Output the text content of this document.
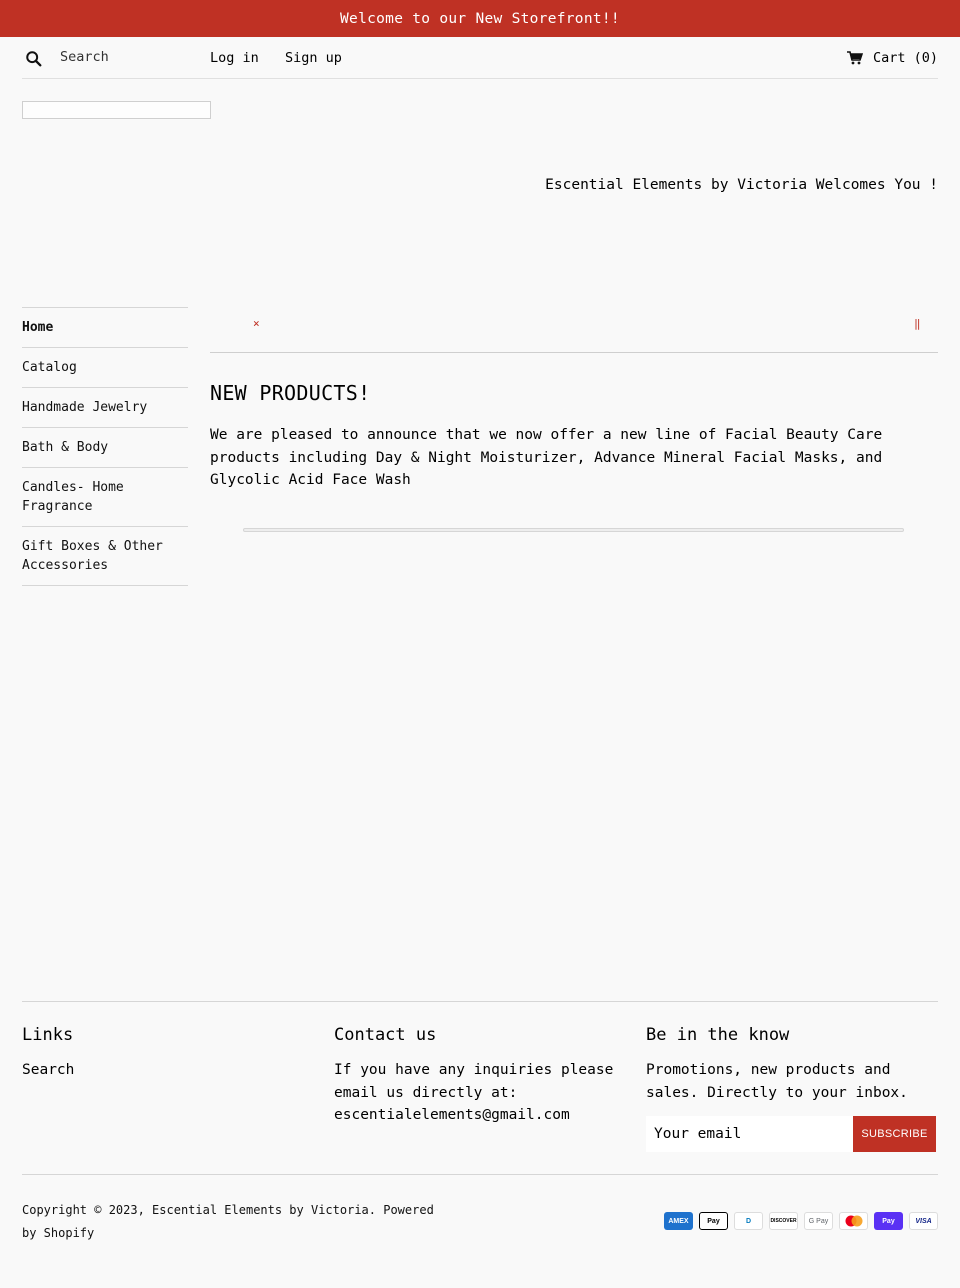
Welcome to our New Storefront!!
Search
Log in Sign up	Cart (0)
Escential Elements by Victoria Welcomes You !
Home
Catalog
Handmade Jewelry
Bath & Body
Candles- Home Fragrance
Gift Boxes & Other Accessories
⨯	‖
NEW PRODUCTS!

We are pleased to announce that we now offer a new line of Facial Beauty Care products including Day & Night Moisturizer, Advance Mineral Facial Masks, and Glycolic Acid Face Wash

Links
Search
Contact us

If you have any inquiries please email us directly at: escentialelements@gmail.com

Be in the know

Promotions, new products and sales. Directly to your inbox.

Your email
SUBSCRIBE
Copyright © 2023, Escential Elements by Victoria. Powered by Shopify
AMEX	Pay	D	DISCOVER	G Pay	Pay	VISA
